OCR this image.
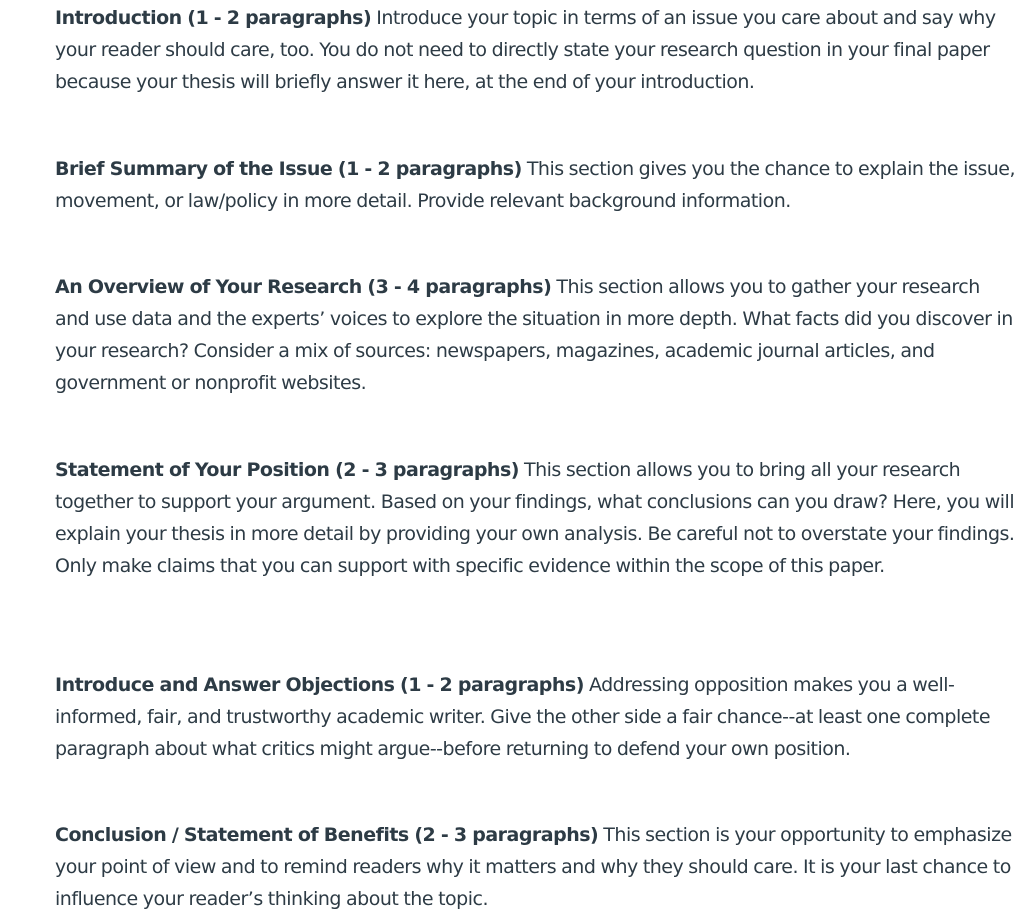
Introduction (1 - 2 paragraphs) Introduce your topic in terms of an issue you care about and say why your reader should care, too. You do not need to directly state your research question in your final paper because your thesis will briefly answer it here, at the end of your introduction.

Brief Summary of the Issue (1 - 2 paragraphs) This section gives you the chance to explain the issue, movement, or law/policy in more detail. Provide relevant background information.

An Overview of Your Research (3 - 4 paragraphs) This section allows you to gather your research and use data and the experts’ voices to explore the situation in more depth. What facts did you discover in your research? Consider a mix of sources: newspapers, magazines, academic journal articles, and government or nonprofit websites.

Statement of Your Position (2 - 3 paragraphs) This section allows you to bring all your research together to support your argument. Based on your findings, what conclusions can you draw? Here, you will explain your thesis in more detail by providing your own analysis. Be careful not to overstate your findings. Only make claims that you can support with specific evidence within the scope of this paper.

Introduce and Answer Objections (1 - 2 paragraphs) Addressing opposition makes you a well-informed, fair, and trustworthy academic writer. Give the other side a fair chance--at least one complete paragraph about what critics might argue--before returning to defend your own position.

Conclusion / Statement of Benefits (2 - 3 paragraphs) This section is your opportunity to emphasize your point of view and to remind readers why it matters and why they should care. It is your last chance to influence your reader’s thinking about the topic.
